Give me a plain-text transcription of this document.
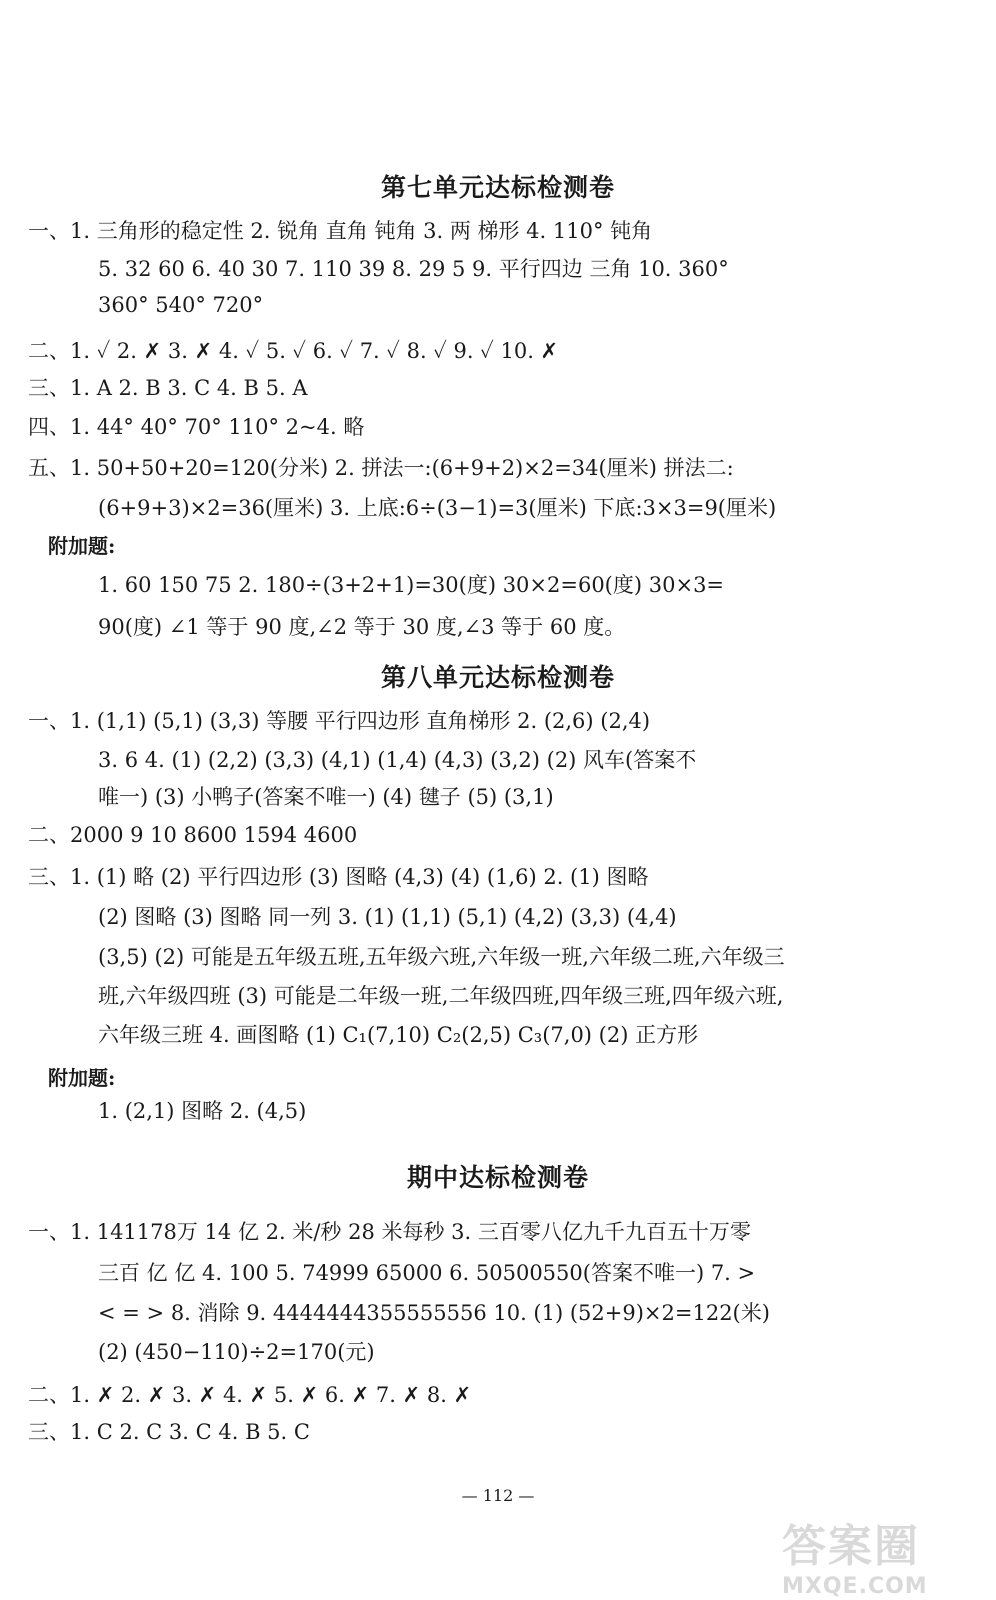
第七单元达标检测卷
一、1. 三角形的稳定性 2. 锐角 直角 钝角 3. 两 梯形 4. 110° 钝角
5. 32 60 6. 40 30 7. 110 39 8. 29 5 9. 平行四边 三角 10. 360°
360° 540° 720°
二、1. ✓ 2. ✗ 3. ✗ 4. ✓ 5. ✓ 6. ✓ 7. ✓ 8. ✓ 9. ✓ 10. ✗
三、1. A 2. B 3. C 4. B 5. A
四、1. 44° 40° 70° 110° 2~4. 略
五、1. 50+50+20=120(分米) 2. 拼法一:(6+9+2)×2=34(厘米) 拼法二:
(6+9+3)×2=36(厘米) 3. 上底:6÷(3−1)=3(厘米) 下底:3×3=9(厘米)
附加题:
1. 60 150 75 2. 180÷(3+2+1)=30(度) 30×2=60(度) 30×3=
90(度) ∠1 等于 90 度,∠2 等于 30 度,∠3 等于 60 度。
第八单元达标检测卷
一、1. (1,1) (5,1) (3,3) 等腰 平行四边形 直角梯形 2. (2,6) (2,4)
3. 6 4. (1) (2,2) (3,3) (4,1) (1,4) (4,3) (3,2) (2) 风车(答案不
唯一) (3) 小鸭子(答案不唯一) (4) 毽子 (5) (3,1)
二、2000 9 10 8600 1594 4600
三、1. (1) 略 (2) 平行四边形 (3) 图略 (4,3) (4) (1,6) 2. (1) 图略
(2) 图略 (3) 图略 同一列 3. (1) (1,1) (5,1) (4,2) (3,3) (4,4)
(3,5) (2) 可能是五年级五班,五年级六班,六年级一班,六年级二班,六年级三
班,六年级四班 (3) 可能是二年级一班,二年级四班,四年级三班,四年级六班,
六年级三班 4. 画图略 (1) C₁(7,10) C₂(2,5) C₃(7,0) (2) 正方形
附加题:
1. (2,1) 图略 2. (4,5)
期中达标检测卷
一、1. 141178万 14 亿 2. 米/秒 28 米每秒 3. 三百零八亿九千九百五十万零
三百 亿 亿 4. 100 5. 74999 65000 6. 50500550(答案不唯一) 7. >
< = > 8. 消除 9. 4444444355555556 10. (1) (52+9)×2=122(米)
(2) (450−110)÷2=170(元)
二、1. ✗ 2. ✗ 3. ✗ 4. ✗ 5. ✗ 6. ✗ 7. ✗ 8. ✗
三、1. C 2. C 3. C 4. B 5. C
— 112 —
答案圈
MXQE.COM
